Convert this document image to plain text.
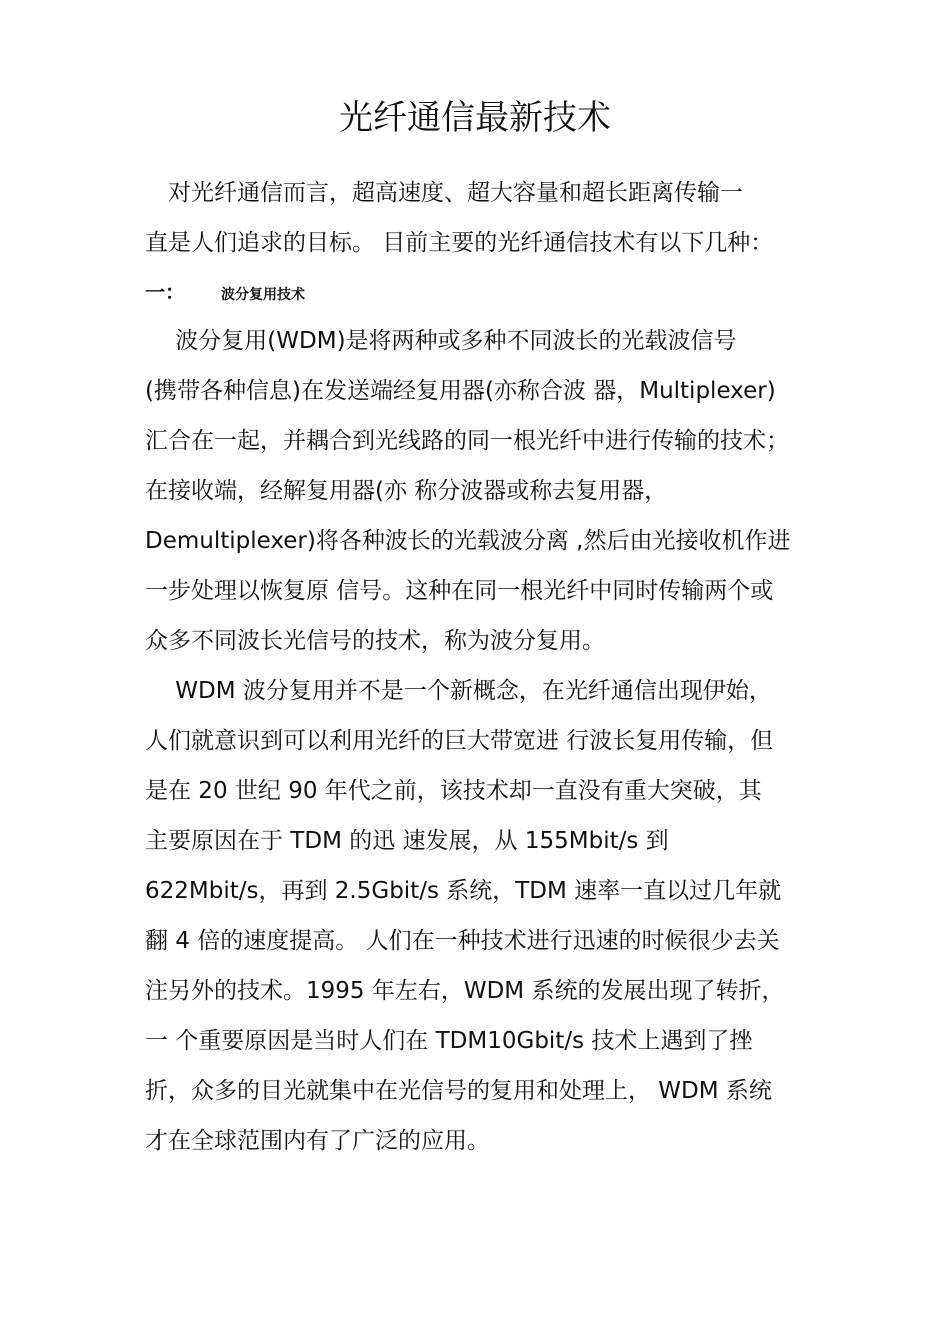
光纤通信最新技术
　对光纤通信而言，超高速度、超大容量和超长距离传输一
直是人们追求的目标。 目前主要的光纤通信技术有以下几种：
一：	波分复用技术
　 波分复用(WDM)是将两种或多种不同波长的光载波信号
(携带各种信息)在发送端经复用器(亦称合波 器，Multiplexer)
汇合在一起，并耦合到光线路的同一根光纤中进行传输的技术；
在接收端，经解复用器(亦 称分波器或称去复用器，
Demultiplexer)将各种波长的光载波分离 ,然后由光接收机作进
一步处理以恢复原 信号。这种在同一根光纤中同时传输两个或
众多不同波长光信号的技术，称为波分复用。
　 WDM 波分复用并不是一个新概念，在光纤通信出现伊始，
人们就意识到可以利用光纤的巨大带宽进 行波长复用传输，但
是在 20 世纪 90 年代之前，该技术却一直没有重大突破，其
主要原因在于 TDM 的迅 速发展，从 155Mbit/s 到
622Mbit/s，再到 2.5Gbit/s 系统，TDM 速率一直以过几年就
翻 4 倍的速度提高。 人们在一种技术进行迅速的时候很少去关
注另外的技术。1995 年左右，WDM 系统的发展出现了转折，
一 个重要原因是当时人们在 TDM10Gbit/s 技术上遇到了挫
折，众多的目光就集中在光信号的复用和处理上， WDM 系统
才在全球范围内有了广泛的应用。
